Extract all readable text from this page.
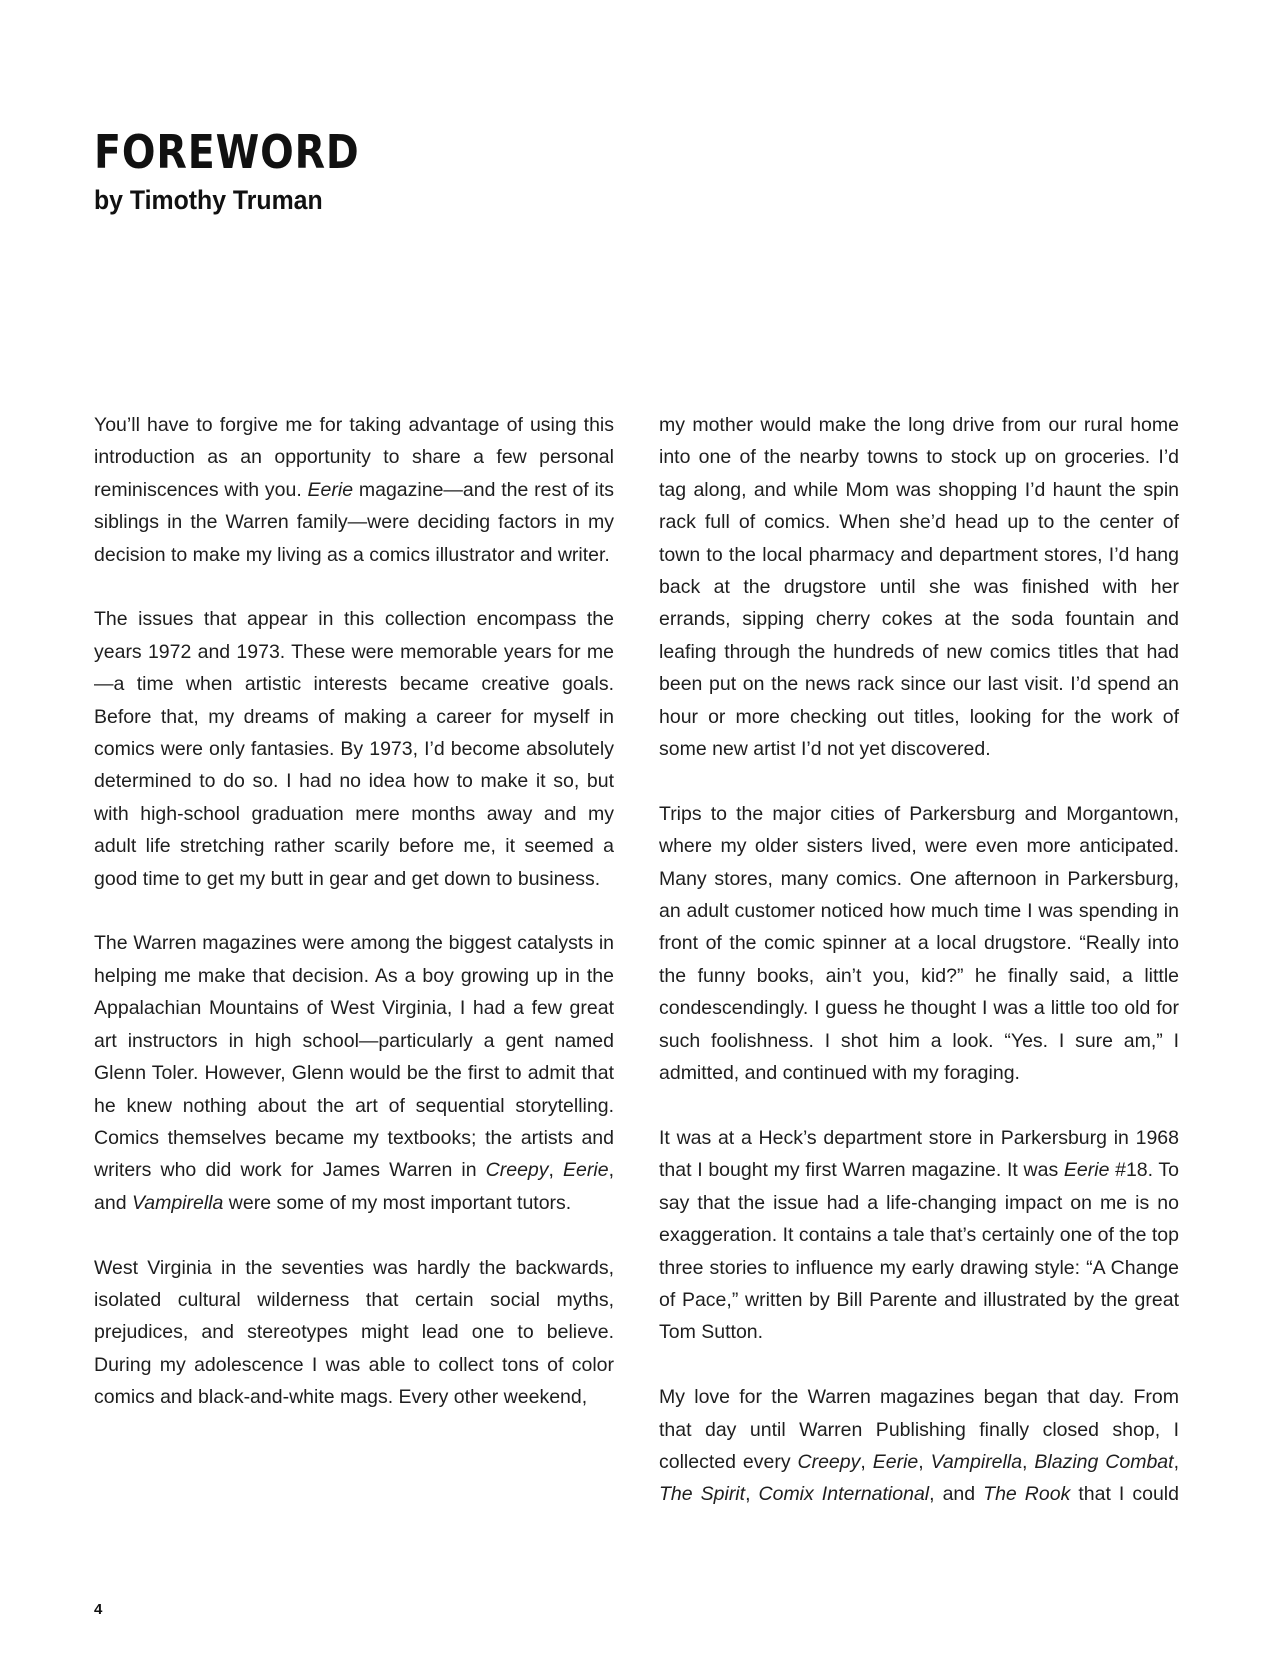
FOREWORD
by Timothy Truman

You’ll have to forgive me for taking advantage of using this introduction as an opportunity to share a few personal reminiscences with you. Eerie magazine—and the rest of its siblings in the Warren family—were deciding factors in my decision to make my living as a comics illustrator and writer.

The issues that appear in this collection encompass the years 1972 and 1973. These were memorable years for me—a time when artistic interests became creative goals. Before that, my dreams of making a career for myself in comics were only fantasies. By 1973, I’d become absolutely determined to do so. I had no idea how to make it so, but with high-school graduation mere months away and my adult life stretching rather scarily before me, it seemed a good time to get my butt in gear and get down to business.

The Warren magazines were among the biggest catalysts in helping me make that decision. As a boy growing up in the Appalachian Mountains of West Virginia, I had a few great art instructors in high school—particularly a gent named Glenn Toler. However, Glenn would be the first to admit that he knew nothing about the art of sequential storytelling. Comics themselves became my textbooks; the artists and writers who did work for James Warren in Creepy, Eerie, and Vampirella were some of my most important tutors.

West Virginia in the seventies was hardly the backwards, isolated cultural wilderness that certain social myths, prejudices, and stereotypes might lead one to believe. During my adolescence I was able to collect tons of color comics and black-and-white mags. Every other weekend,

my mother would make the long drive from our rural home into one of the nearby towns to stock up on groceries. I’d tag along, and while Mom was shopping I’d haunt the spin rack full of comics. When she’d head up to the center of town to the local pharmacy and department stores, I’d hang back at the drugstore until she was finished with her errands, sipping cherry cokes at the soda fountain and leafing through the hundreds of new comics titles that had been put on the news rack since our last visit. I’d spend an hour or more checking out titles, looking for the work of some new artist I’d not yet discovered.

Trips to the major cities of Parkersburg and Morgantown, where my older sisters lived, were even more anticipated. Many stores, many comics. One afternoon in Parkersburg, an adult customer noticed how much time I was spending in front of the comic spinner at a local drugstore. “Really into the funny books, ain’t you, kid?” he finally said, a little condescendingly. I guess he thought I was a little too old for such foolishness. I shot him a look. “Yes. I sure am,” I admitted, and continued with my foraging.

It was at a Heck’s department store in Parkersburg in 1968 that I bought my first Warren magazine. It was Eerie #18. To say that the issue had a life-changing impact on me is no exaggeration. It contains a tale that’s certainly one of the top three stories to influence my early drawing style: “A Change of Pace,” written by Bill Parente and illustrated by the great Tom Sutton.

My love for the Warren magazines began that day. From that day until Warren Publishing finally closed shop, I collected every Creepy, Eerie, Vampirella, Blazing Combat, The Spirit, Comix International, and The Rook that I could

4
